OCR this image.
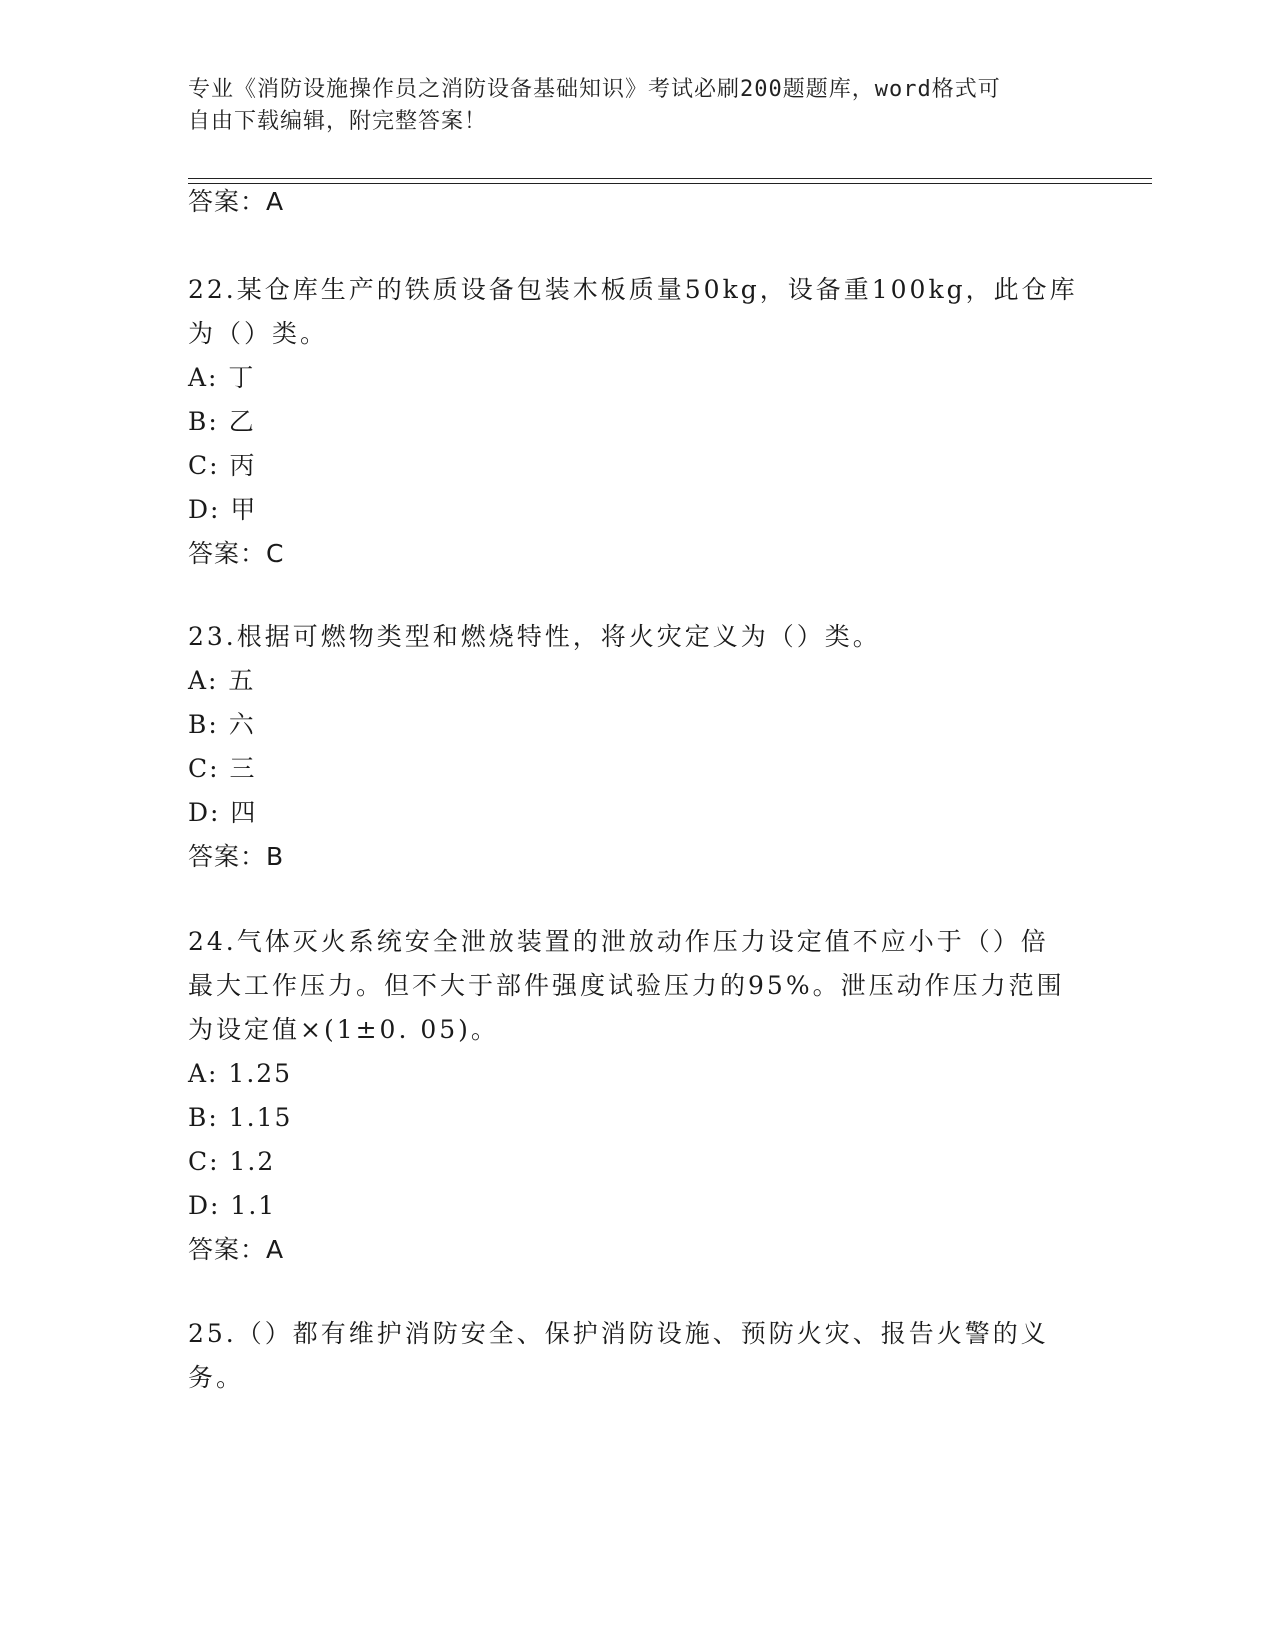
专业《消防设施操作员之消防设备基础知识》考试必刷200题题库，word格式可
自由下载编辑，附完整答案！

答案：A

22.某仓库生产的铁质设备包装木板质量50kg，设备重100kg，此仓库

为（）类。

A: 丁

B: 乙

C: 丙

D: 甲

答案：C

23.根据可燃物类型和燃烧特性，将火灾定义为（）类。

A: 五

B: 六

C: 三

D: 四

答案：B

24.气体灭火系统安全泄放装置的泄放动作压力设定值不应小于（）倍

最大工作压力。但不大于部件强度试验压力的95%。泄压动作压力范围

为设定值×(1±0. 05)。

A: 1.25

B: 1.15

C: 1.2

D: 1.1

答案：A

25.（）都有维护消防安全、保护消防设施、预防火灾、报告火警的义

务。
